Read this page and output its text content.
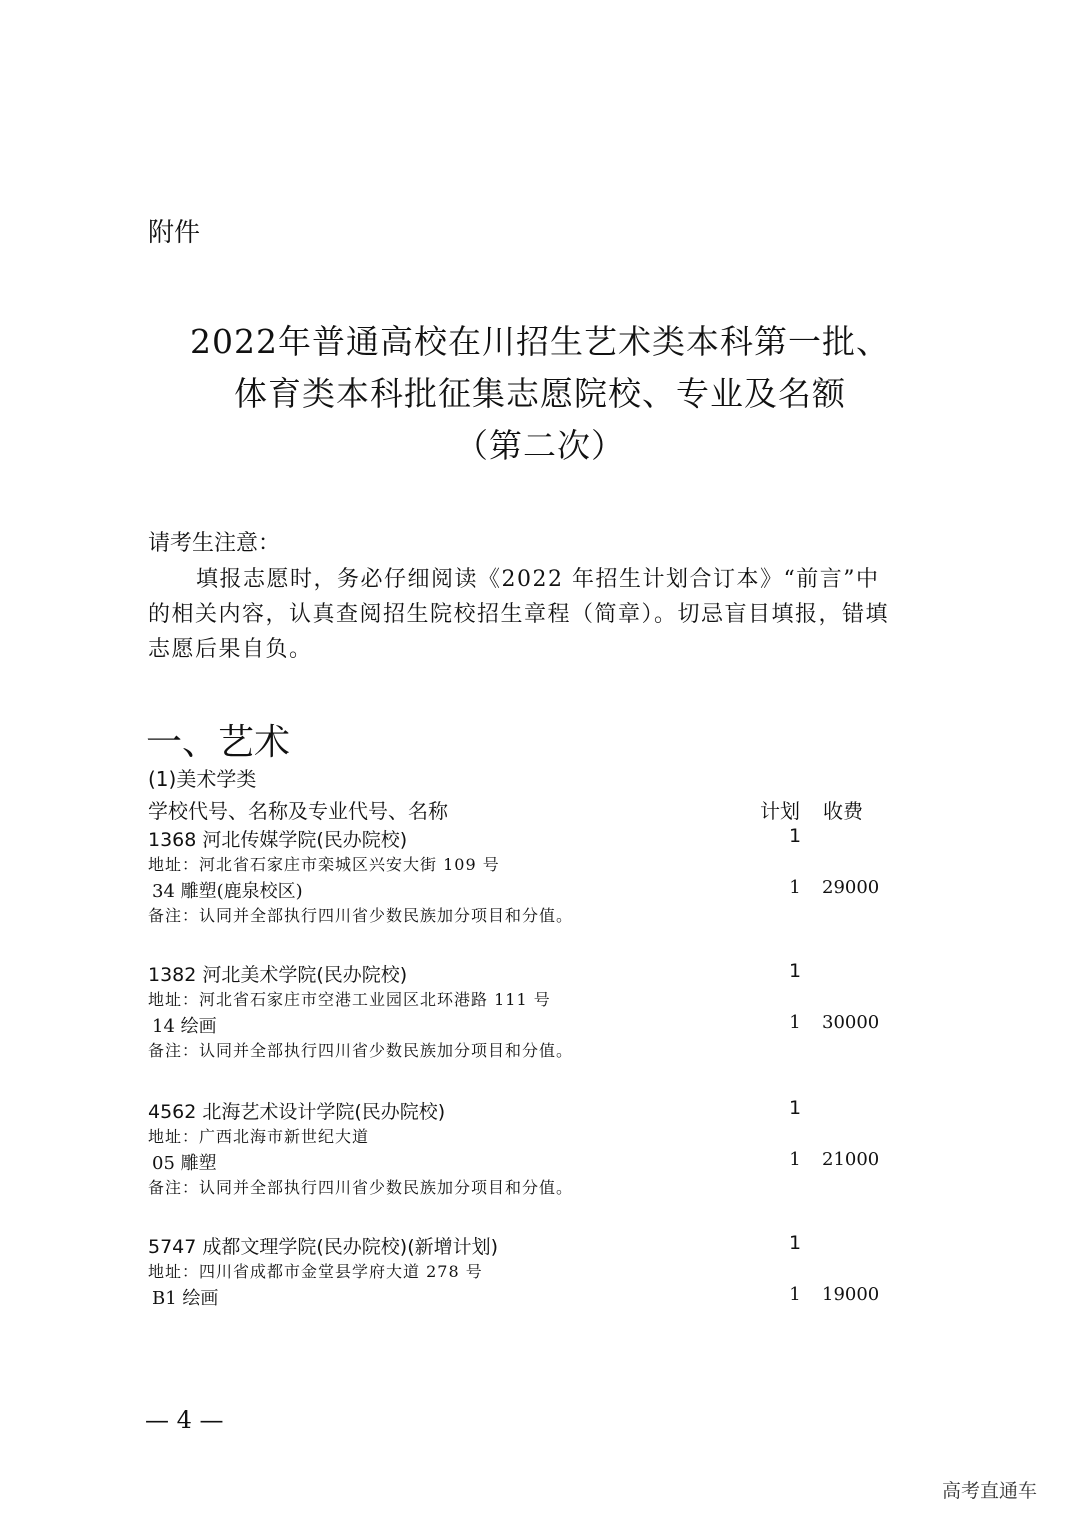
附件
2022年普通高校在川招生艺术类本科第一批、
体育类本科批征集志愿院校、专业及名额
（第二次）
请考生注意：
填报志愿时，务必仔细阅读《2022 年招生计划合订本》“前言”中
的相关内容，认真查阅招生院校招生章程（简章）。切忌盲目填报，错填
志愿后果自负。
一、艺术
(1)美术学类
学校代号、名称及专业代号、名称	计划 收费
1368 河北传媒学院(民办院校)	1
地址：河北省石家庄市栾城区兴安大街 109 号
34 雕塑(鹿泉校区)	1	29000
备注：认同并全部执行四川省少数民族加分项目和分值。
1382 河北美术学院(民办院校)	1
地址：河北省石家庄市空港工业园区北环港路 111 号
14 绘画	1	30000
备注：认同并全部执行四川省少数民族加分项目和分值。
4562 北海艺术设计学院(民办院校)	1
地址：广西北海市新世纪大道
05 雕塑	1	21000
备注：认同并全部执行四川省少数民族加分项目和分值。
5747 成都文理学院(民办院校)(新增计划)	1
地址：四川省成都市金堂县学府大道 278 号
B1 绘画	1	19000
— 4 —
高考直通车
